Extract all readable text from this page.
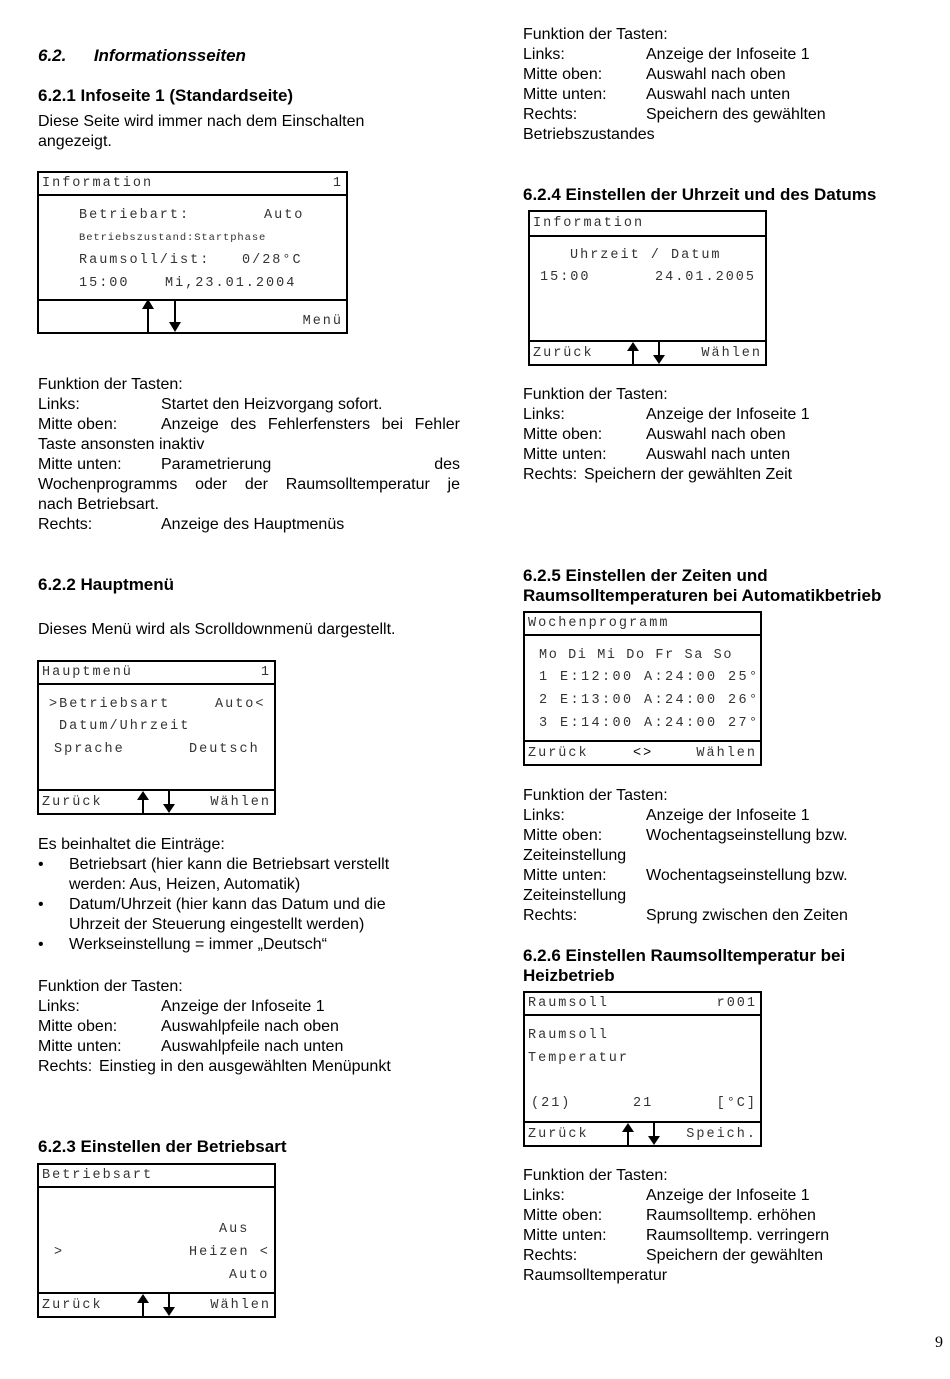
6.2. Informationsseiten
6.2.1 Infoseite 1 (Standardseite)
Diese Seite wird immer nach dem Einschalten
angezeigt.
Information	1
Betriebart:	Auto
Betriebszustand:Startphase
Raumsoll/ist: 0/28°C
15:00	Mi,23.01.2004
Menü
Funktion der Tasten:
Links:	Startet den Heizvorgang sofort.
Mitte oben:	Anzeige des Fehlerfensters bei Fehler
Taste ansonsten inaktiv
Mitte unten: Parametrierung	des
Wochenprogramms oder der Raumsolltemperatur je
nach Betriebsart.
Rechts:	Anzeige des Hauptmenüs
6.2.2 Hauptmenü
Dieses Menü wird als Scrolldownmenü dargestellt.
Hauptmenü	1
>Betriebsart	Auto<
Datum/Uhrzeit
Sprache	Deutsch
Zurück	Wählen
Es beinhaltet die Einträge:
• Betriebsart (hier kann die Betriebsart verstellt
werden: Aus, Heizen, Automatik)
• Datum/Uhrzeit (hier kann das Datum und die
Uhrzeit der Steuerung eingestellt werden)
• Werkseinstellung = immer „Deutsch“
Funktion der Tasten:
Links:	Anzeige der Infoseite 1
Mitte oben:	Auswahlpfeile nach oben
Mitte unten: Auswahlpfeile nach unten
Rechts: Einstieg in den ausgewählten Menüpunkt
6.2.3 Einstellen der Betriebsart
Betriebsart
Aus
>	Heizen <
Auto
Zurück	Wählen
Funktion der Tasten:
Links:	Anzeige der Infoseite 1
Mitte oben:	Auswahl nach oben
Mitte unten: Auswahl nach unten
Rechts:	Speichern des gewählten
Betriebszustandes
6.2.4 Einstellen der Uhrzeit und des Datums
Information
Uhrzeit / Datum
15:00	24.01.2005
Zurück	Wählen
Funktion der Tasten:
Links:	Anzeige der Infoseite 1
Mitte oben:	Auswahl nach oben
Mitte unten: Auswahl nach unten
Rechts: Speichern der gewählten Zeit
6.2.5 Einstellen der Zeiten und
Raumsolltemperaturen bei Automatikbetrieb
Wochenprogramm
Mo Di Mi Do Fr Sa So
1 E:12:00 A:24:00 25°
2 E:13:00 A:24:00 26°
3 E:14:00 A:24:00 27°
Zurück	<>	Wählen
Funktion der Tasten:
Links:	Anzeige der Infoseite 1
Mitte oben:	Wochentagseinstellung bzw.
Zeiteinstellung
Mitte unten: Wochentagseinstellung bzw.
Zeiteinstellung
Rechts:	Sprung zwischen den Zeiten
6.2.6 Einstellen Raumsolltemperatur bei
Heizbetrieb
Raumsoll	r001
Raumsoll
Temperatur
(21)	21	[°C]
Zurück	Speich.
Funktion der Tasten:
Links:	Anzeige der Infoseite 1
Mitte oben:	Raumsolltemp. erhöhen
Mitte unten: Raumsolltemp. verringern
Rechts:	Speichern der gewählten
Raumsolltemperatur
9
